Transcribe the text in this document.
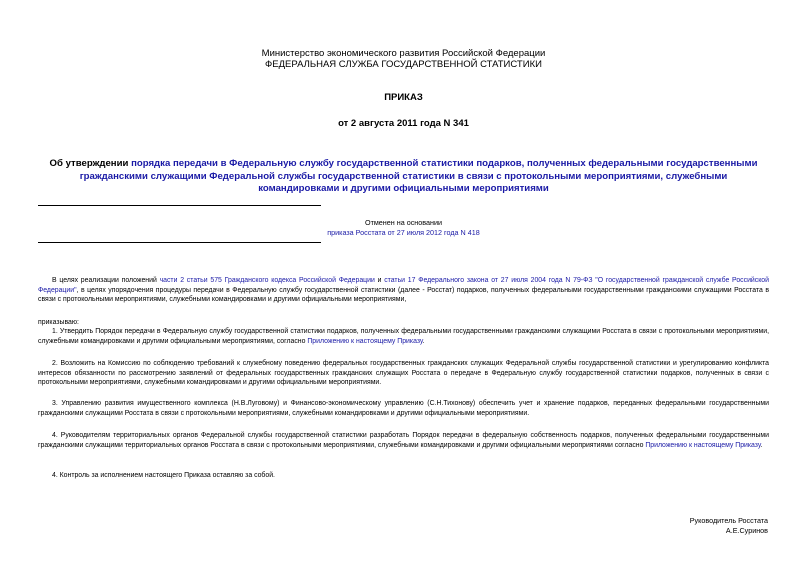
Министерство экономического развития Российской Федерации
ФЕДЕРАЛЬНАЯ СЛУЖБА ГОСУДАРСТВЕННОЙ СТАТИСТИКИ
ПРИКАЗ
от 2 августа 2011 года N 341
Об утверждении порядка передачи в Федеральную службу государственной статистики подарков, полученных федеральными государственными гражданскими служащими Федеральной службы государственной статистики в связи с протокольными мероприятиями, служебными командировками и другими официальными мероприятиями
Отменен на основании
приказа Росстата от 27 июля 2012 года N 418
В целях реализации положений части 2 статьи 575 Гражданского кодекса Российской Федерации и статьи 17 Федерального закона от 27 июля 2004 года N 79-ФЗ "О государственной гражданской службе Российской Федерации", в целях упорядочения процедуры передачи в Федеральную службу государственной статистики (далее - Росстат) подарков, полученных федеральными государственными гражданскими служащими Росстата в связи с протокольными мероприятиями, служебными командировками и другими официальными мероприятиями,
приказываю:
1. Утвердить Порядок передачи в Федеральную службу государственной статистики подарков, полученных федеральными государственными гражданскими служащими Росстата в связи с протокольными мероприятиями, служебными командировками и другими официальными мероприятиями, согласно Приложению к настоящему Приказу.
2. Возложить на Комиссию по соблюдению требований к служебному поведению федеральных государственных гражданских служащих Федеральной службы государственной статистики и урегулированию конфликта интересов обязанности по рассмотрению заявлений от федеральных государственных гражданских служащих Росстата о передаче в Федеральную службу государственной статистики подарков, полученных в связи с протокольными мероприятиями, служебными командировками и другими официальными мероприятиями.
3. Управлению развития имущественного комплекса (Н.В.Луговому) и Финансово-экономическому управлению (С.Н.Тихонову) обеспечить учет и хранение подарков, переданных федеральными государственными гражданскими служащими Росстата в связи с протокольными мероприятиями, служебными командировками и другими официальными мероприятиями.
4. Руководителям территориальных органов Федеральной службы государственной статистики разработать Порядок передачи в федеральную собственность подарков, полученных федеральными государственными гражданскими служащими территориальных органов Росстата в связи с протокольными мероприятиями, служебными командировками и другими официальными мероприятиями согласно Приложению к настоящему Приказу.
4. Контроль за исполнением настоящего Приказа оставляю за собой.
Руководитель Росстата
А.Е.Суринов
